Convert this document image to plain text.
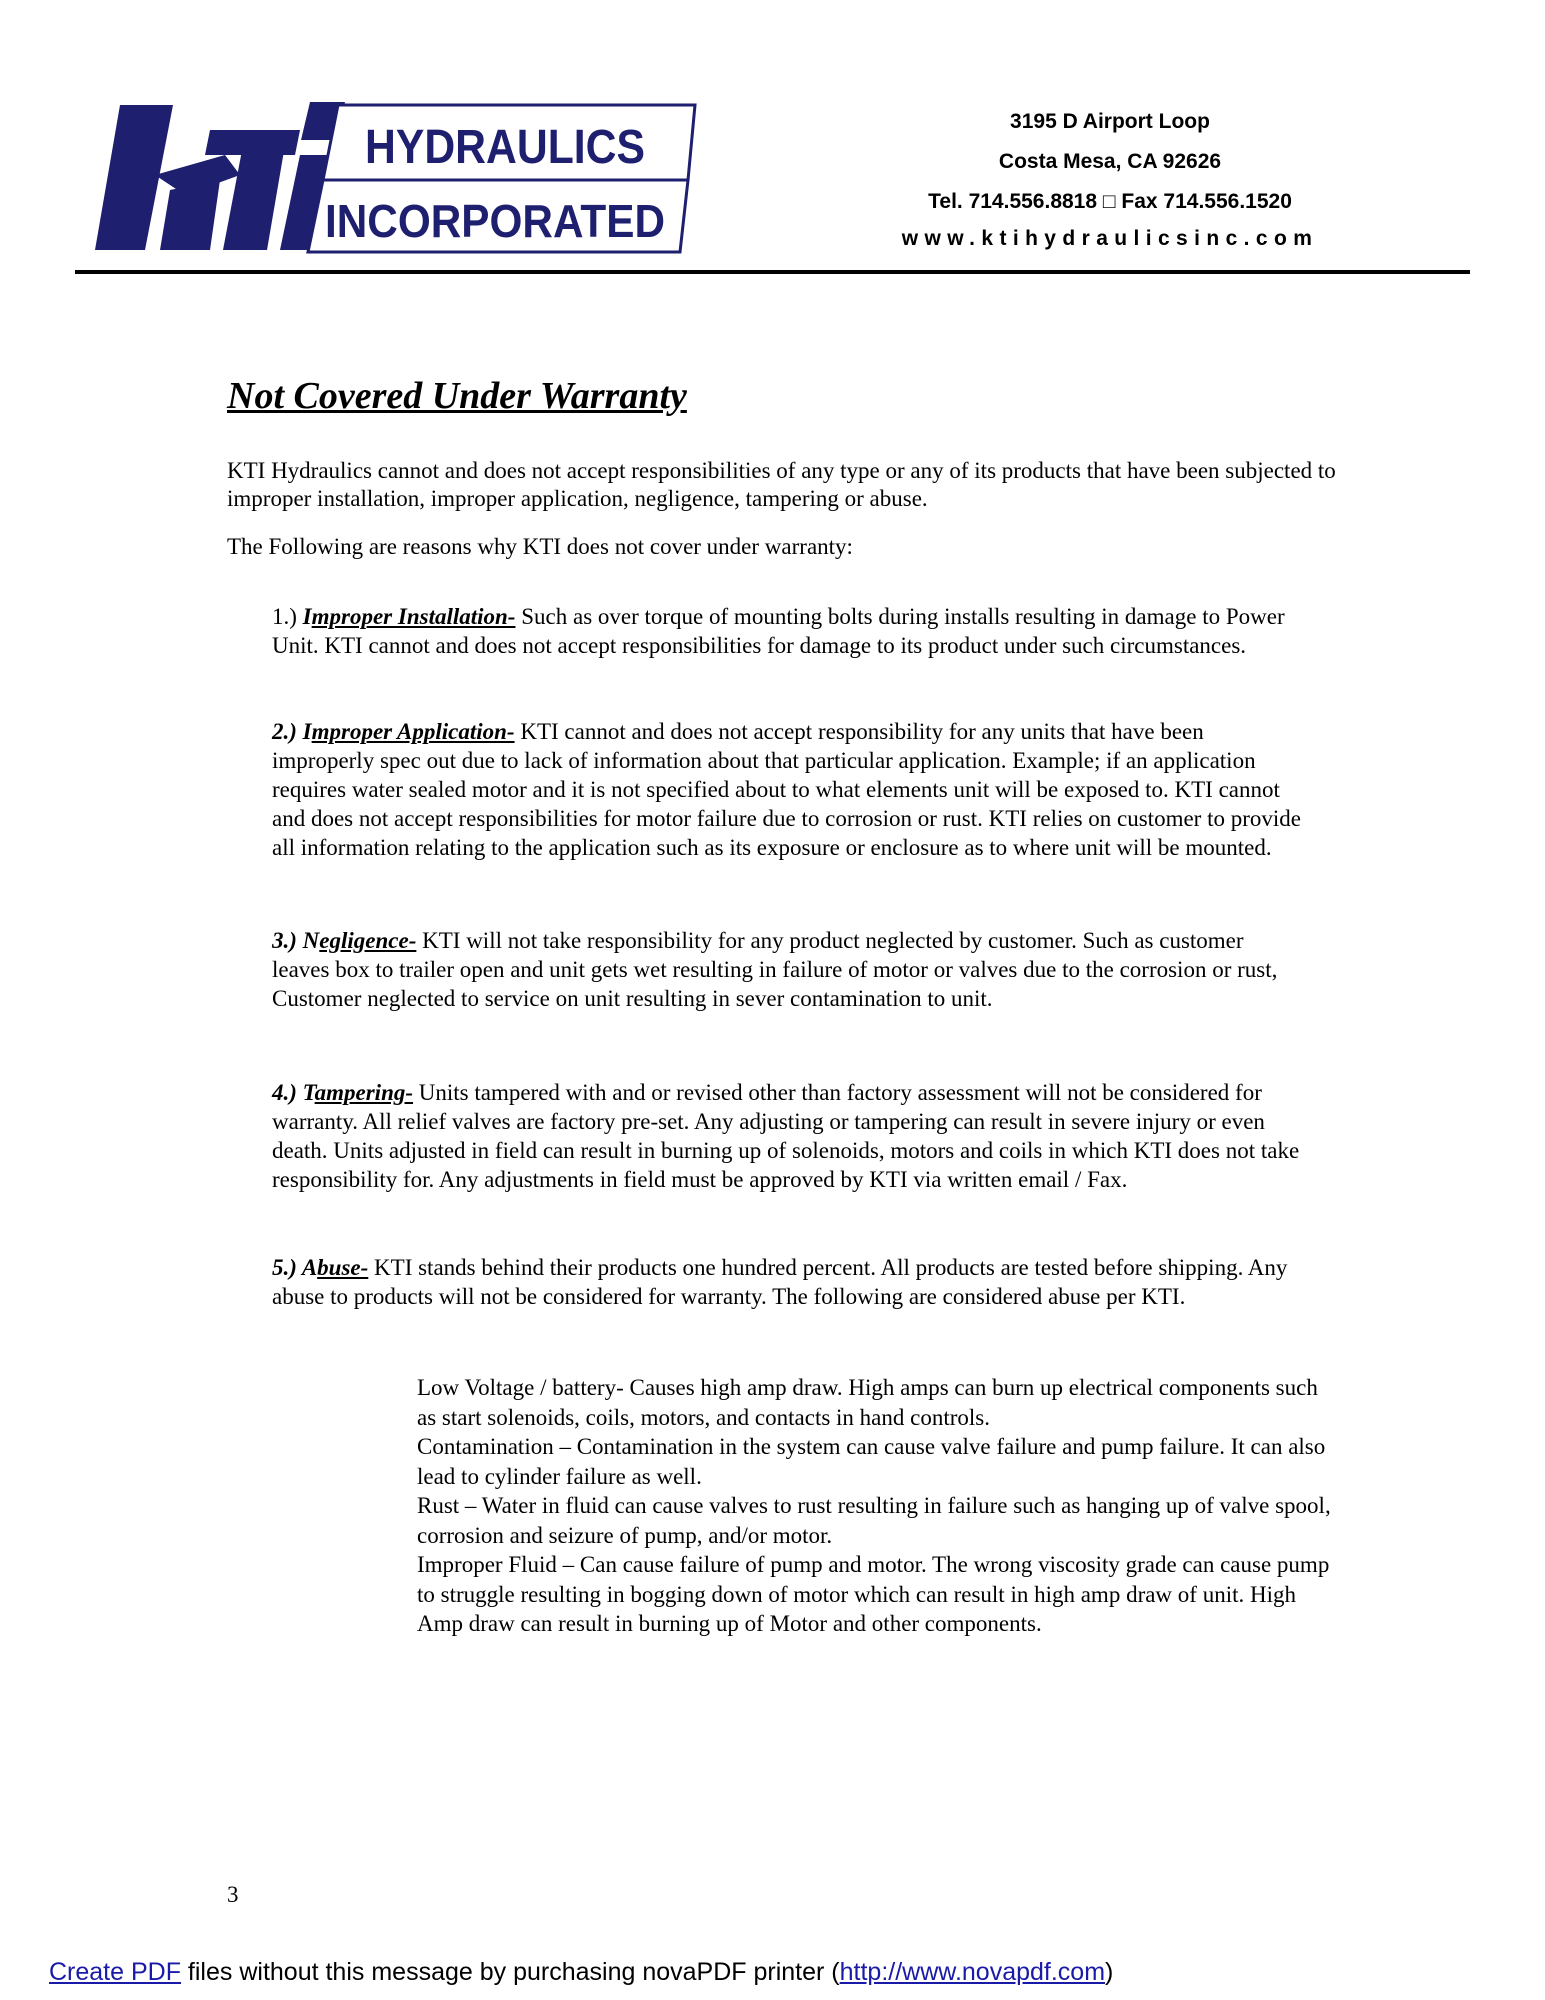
HYDRAULICS
INCORPORATED
3195 D Airport Loop
Costa Mesa, CA 92626
Tel. 714.556.8818 □ Fax 714.556.1520
www.ktihydraulicsinc.com
Not Covered Under Warranty

KTI Hydraulics cannot and does not accept responsibilities of any type or any of its products that have been subjected to improper installation, improper application, negligence, tampering or abuse.

The Following are reasons why KTI does not cover under warranty:

1.) Improper Installation- Such as over torque of mounting bolts during installs resulting in damage to Power Unit. KTI cannot and does not accept responsibilities for damage to its product under such circumstances.

2.) Improper Application- KTI cannot and does not accept responsibility for any units that have been improperly spec out due to lack of information about that particular application. Example; if an application requires water sealed motor and it is not specified about to what elements unit will be exposed to. KTI cannot and does not accept responsibilities for motor failure due to corrosion or rust. KTI relies on customer to provide all information relating to the application such as its exposure or enclosure as to where unit will be mounted.

3.) Negligence- KTI will not take responsibility for any product neglected by customer. Such as customer leaves box to trailer open and unit gets wet resulting in failure of motor or valves due to the corrosion or rust, Customer neglected to service on unit resulting in sever contamination to unit.

4.) Tampering- Units tampered with and or revised other than factory assessment will not be considered for warranty. All relief valves are factory pre-set. Any adjusting or tampering can result in severe injury or even death. Units adjusted in field can result in burning up of solenoids, motors and coils in which KTI does not take responsibility for. Any adjustments in field must be approved by KTI via written email / Fax.

5.) Abuse- KTI stands behind their products one hundred percent. All products are tested before shipping. Any abuse to products will not be considered for warranty. The following are considered abuse per KTI.

Low Voltage / battery- Causes high amp draw. High amps can burn up electrical components such as start solenoids, coils, motors, and contacts in hand controls.
Contamination – Contamination in the system can cause valve failure and pump failure. It can also lead to cylinder failure as well.
Rust – Water in fluid can cause valves to rust resulting in failure such as hanging up of valve spool, corrosion and seizure of pump, and/or motor.
Improper Fluid – Can cause failure of pump and motor. The wrong viscosity grade can cause pump to struggle resulting in bogging down of motor which can result in high amp draw of unit. High Amp draw can result in burning up of Motor and other components.
3
Create PDF files without this message by purchasing novaPDF printer (http://www.novapdf.com)
